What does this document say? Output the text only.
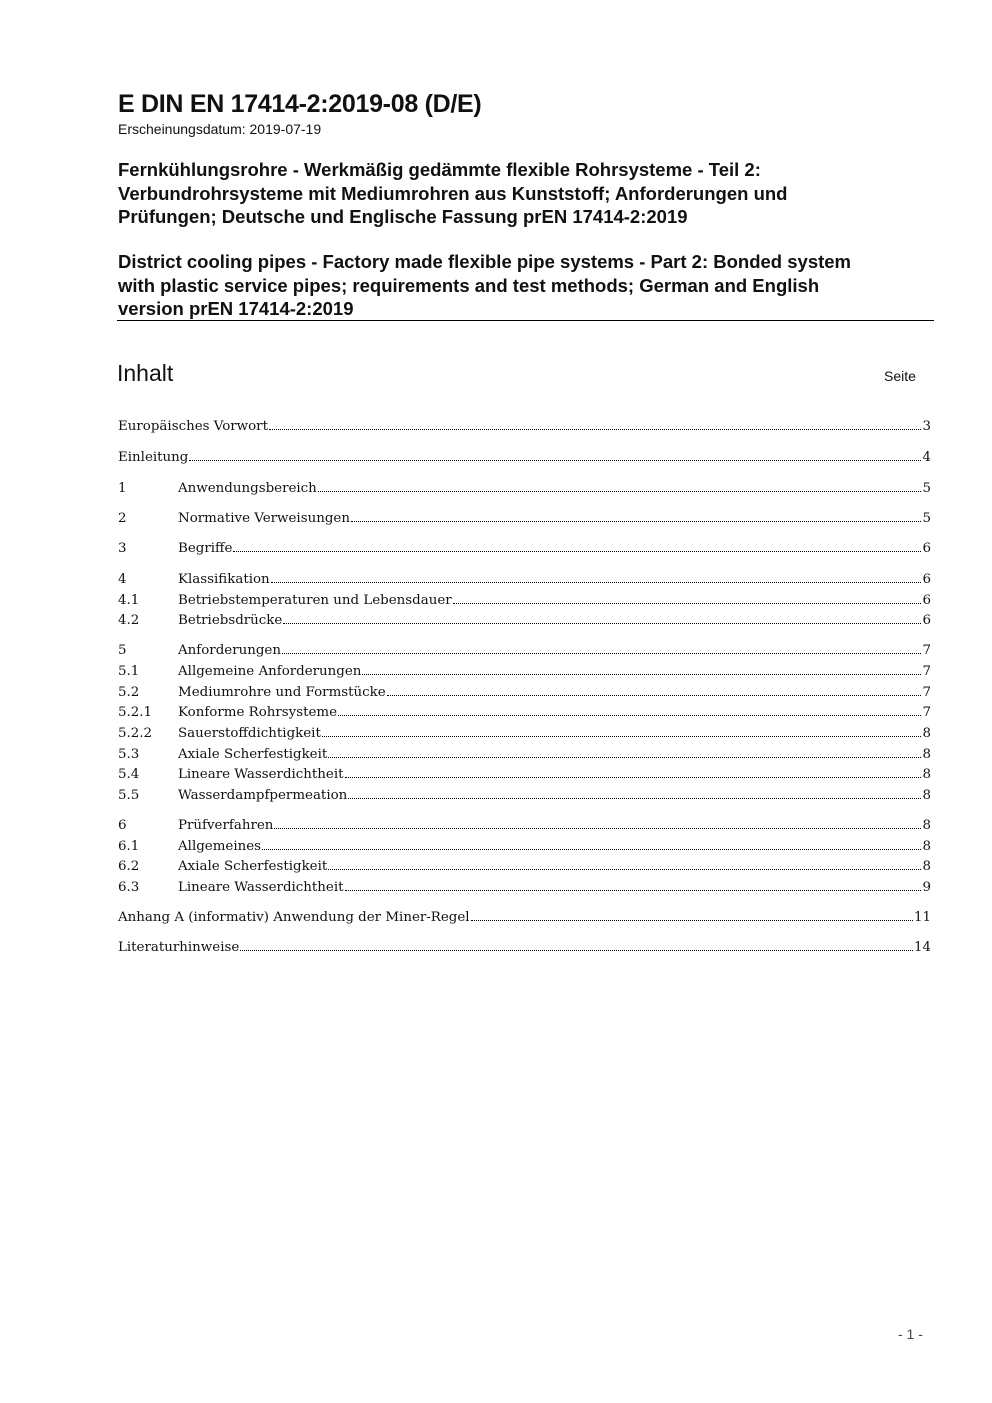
E DIN EN 17414-2:2019-08 (D/E)

Erscheinungsdatum: 2019-07-19

Fernkühlungsrohre - Werkmäßig gedämmte flexible Rohrsysteme - Teil 2:
Verbundrohrsysteme mit Mediumrohren aus Kunststoff; Anforderungen und
Prüfungen; Deutsche und Englische Fassung prEN 17414-2:2019
District cooling pipes - Factory made flexible pipe systems - Part 2: Bonded system
with plastic service pipes; requirements and test methods; German and English
version prEN 17414-2:2019
Inhalt	Seite
Europäisches Vorwort	3
Einleitung	4
1	Anwendungsbereich	5
2	Normative Verweisungen	5
3	Begriffe	6
4	Klassifikation	6
4.1	Betriebstemperaturen und Lebensdauer	6
4.2	Betriebsdrücke	6
5	Anforderungen	7
5.1	Allgemeine Anforderungen	7
5.2	Mediumrohre und Formstücke	7
5.2.1	Konforme Rohrsysteme	7
5.2.2	Sauerstoffdichtigkeit	8
5.3	Axiale Scherfestigkeit	8
5.4	Lineare Wasserdichtheit	8
5.5	Wasserdampfpermeation	8
6	Prüfverfahren	8
6.1	Allgemeines	8
6.2	Axiale Scherfestigkeit	8
6.3	Lineare Wasserdichtheit	9
Anhang A (informativ) Anwendung der Miner-Regel	11
Literaturhinweise	14
- 1 -
